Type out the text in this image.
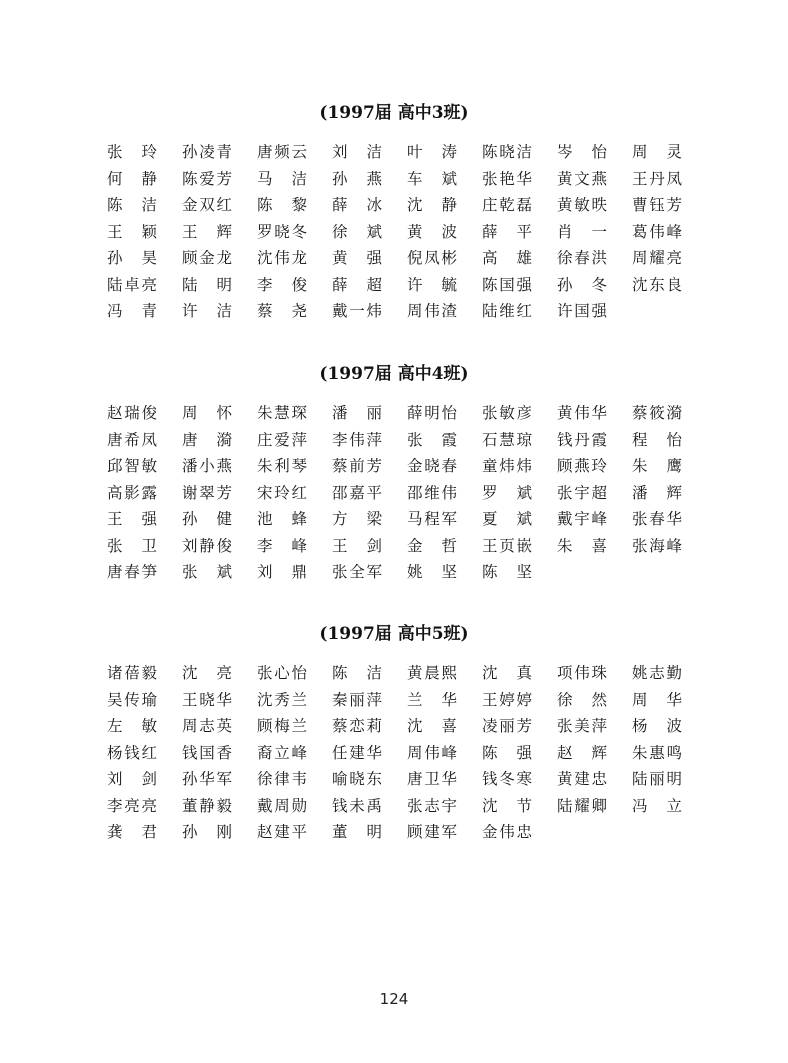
(1997届 高中3班)
张 玲 孙 凌 青 唐 频 云 刘 洁 叶 涛 陈 晓 洁 岑 怡 周 灵
何 静 陈 爱 芳 马 洁 孙 燕 车 斌 张 艳 华 黄 文 燕 王 丹 凤
陈 洁 金 双 红 陈 黎 薛 冰 沈 静 庄 乾 磊 黄 敏 昳 曹 钰 芳
王 颖 王 辉 罗 晓 冬 徐 斌 黄 波 薛 平 肖 一 葛 伟 峰
孙 昊 顾 金 龙 沈 伟 龙 黄 强 倪 凤 彬 高 雄 徐 春 洪 周 耀 亮
陆 卓 亮 陆 明 李 俊 薛 超 许 毓 陈 国 强 孙 冬 沈 东 良
冯 青 许 洁 蔡 尧 戴 一 炜 周 伟 渣 陆 维 红 许 国 强
(1997届 高中4班)
赵 瑞 俊 周 怀 朱 慧 琛 潘 丽 薛 明 怡 张 敏 彦 黄 伟 华 蔡 筱 漪
唐 希 凤 唐 漪 庄 爱 萍 李 伟 萍 张 霞 石 慧 琼 钱 丹 霞 程 怡
邱 智 敏 潘 小 燕 朱 利 琴 蔡 前 芳 金 晓 春 童 炜 炜 顾 燕 玲 朱 鹰
高 影 露 谢 翠 芳 宋 玲 红 邵 嘉 平 邵 维 伟 罗 斌 张 宇 超 潘 辉
王 强 孙 健 池 蜂 方 梁 马 程 军 夏 斌 戴 宇 峰 张 春 华
张 卫 刘 静 俊 李 峰 王 剑 金 哲 王 页 嵌 朱 喜 张 海 峰
唐 春 笋 张 斌 刘 鼎 张 全 军 姚 坚 陈 坚
(1997届 高中5班)
诸 蓓 毅 沈 亮 张 心 怡 陈 洁 黄 晨 熙 沈 真 项 伟 珠 姚 志 勤
吴 传 瑜 王 晓 华 沈 秀 兰 秦 丽 萍 兰 华 王 婷 婷 徐 然 周 华
左 敏 周 志 英 顾 梅 兰 蔡 恋 莉 沈 喜 凌 丽 芳 张 美 萍 杨 波
杨 钱 红 钱 国 香 裔 立 峰 任 建 华 周 伟 峰 陈 强 赵 辉 朱 惠 鸣
刘 剑 孙 华 军 徐 律 韦 喻 晓 东 唐 卫 华 钱 冬 寒 黄 建 忠 陆 丽 明
李 亮 亮 董 静 毅 戴 周 勋 钱 未 禹 张 志 宇 沈 节 陆 耀 卿 冯 立
龚 君 孙 刚 赵 建 平 董 明 顾 建 军 金 伟 忠
124
